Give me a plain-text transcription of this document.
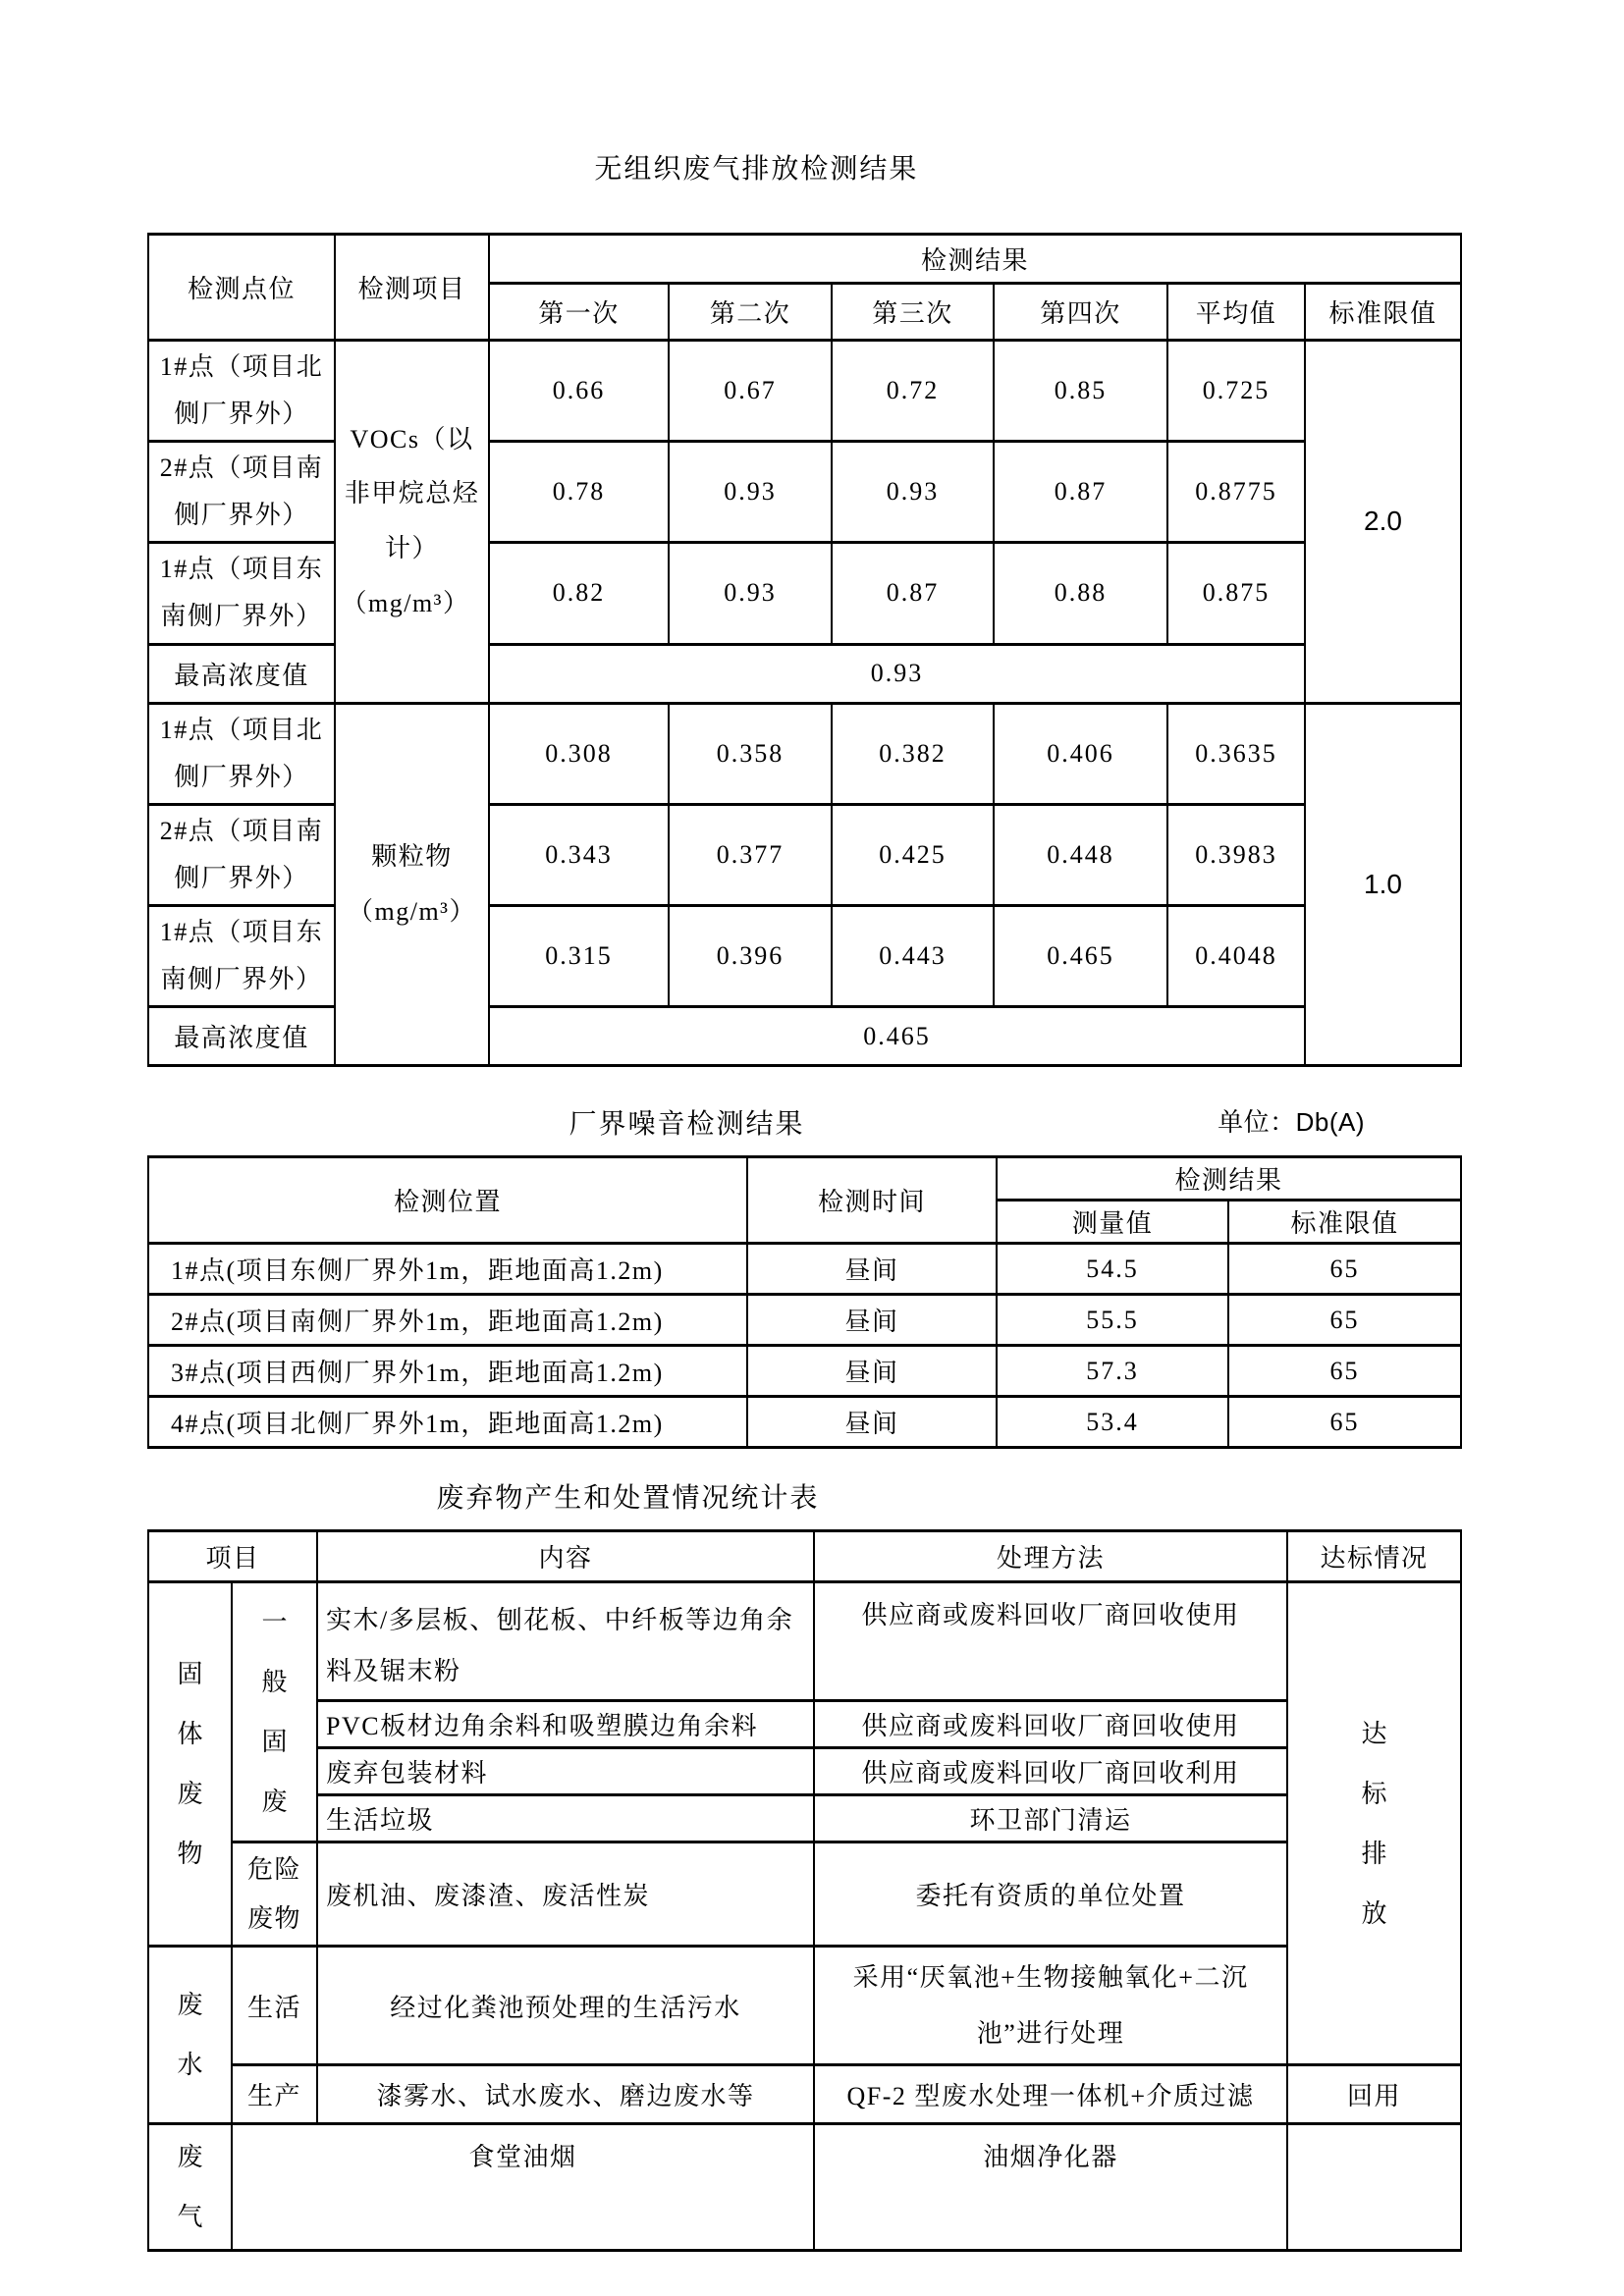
无组织废气排放检测结果
检测点位	检测项目	检测结果					
		第一次	第二次	第三次	第四次	平均值	标准限值
1#点（项目北侧厂界外）	VOCs（以非甲烷总烃计）（mg/m³）	0.66	0.67	0.72	0.85	0.725	2.0
2#点（项目南侧厂界外）		0.78	0.93	0.93	0.87	0.8775	
1#点（项目东南侧厂界外）		0.82	0.93	0.87	0.88	0.875	
最高浓度值		0.93					
1#点（项目北侧厂界外）	颗粒物（mg/m³）	0.308	0.358	0.382	0.406	0.3635	1.0
2#点（项目南侧厂界外）		0.343	0.377	0.425	0.448	0.3983	
1#点（项目东南侧厂界外）		0.315	0.396	0.443	0.465	0.4048	
最高浓度值		0.465					
厂界噪音检测结果	单位：Db(A)
检测位置	检测时间	检测结果	
		测量值	标准限值
1#点(项目东侧厂界外1m，距地面高1.2m)	昼间	54.5	65
2#点(项目南侧厂界外1m，距地面高1.2m)	昼间	55.5	65
3#点(项目西侧厂界外1m，距地面高1.2m)	昼间	57.3	65
4#点(项目北侧厂界外1m，距地面高1.2m)	昼间	53.4	65
废弃物产生和处置情况统计表
项目		内容	处理方法	达标情况

固体废物	一般固废	实木/多层板、刨花板、中纤板等边角余料及锯末粉	供应商或废料回收厂商回收使用	达标排放

		PVC板材边角余料和吸塑膜边角余料	供应商或废料回收厂商回收使用	
		废弃包装材料	供应商或废料回收厂商回收利用	
		生活垃圾	环卫部门清运	

	危险废物	废机油、废漆渣、废活性炭	委托有资质的单位处置	

废水	生活	经过化粪池预处理的生活污水	采用“厌氧池+生物接触氧化+二沉池”进行处理	
	生产	漆雾水、试水废水、磨边废水等	QF-2 型废水处理一体机+介质过滤	回用

废气	食堂油烟		油烟净化器	
